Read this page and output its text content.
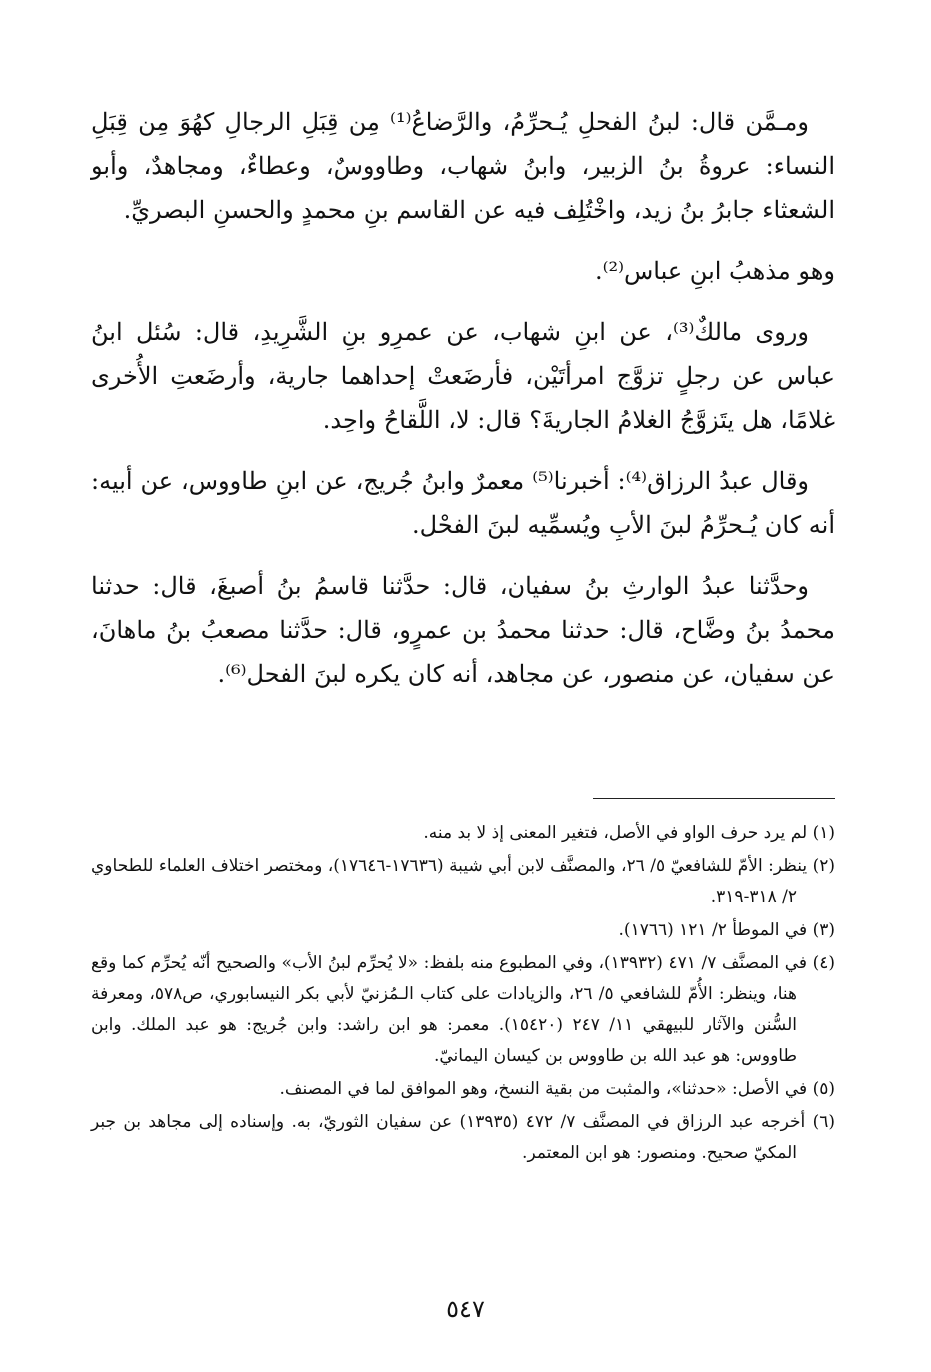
ومـمَّن قال: لبنُ الفحلِ يُـحرِّمُ، والرَّضاعُ⁽¹⁾ مِن قِبَلِ الرجالِ كهُوَ مِن قِبَلِ النساء: عروةُ بنُ الزبير، وابنُ شهاب، وطاووسٌ، وعطاءٌ، ومجاهدٌ، وأبو الشعثاء جابرُ بنُ زيد، واخْتُلِف فيه عن القاسم بنِ محمدٍ والحسنِ البصريِّ.

وهو مذهبُ ابنِ عباس⁽²⁾.

وروى مالكٌ⁽³⁾، عن ابنِ شهاب، عن عمرِو بنِ الشَّرِيدِ، قال: سُئل ابنُ عباس عن رجلٍ تزوَّج امرأتَيْن، فأرضَعتْ إحداهما جارية، وأرضَعتِ الأُخرى غلامًا، هل يتَزوَّجُ الغلامُ الجاريةَ؟ قال: لا، اللَّقاحُ واحِد.

وقال عبدُ الرزاق⁽⁴⁾: أخبرنا⁽⁵⁾ معمرٌ وابنُ جُريج، عن ابنِ طاووس، عن أبيه: أنه كان يُـحرِّمُ لبنَ الأبِ ويُسمِّيه لبنَ الفحْل.

وحدَّثنا عبدُ الوارثِ بنُ سفيان، قال: حدَّثنا قاسمُ بنُ أصبغَ، قال: حدثنا محمدُ بنُ وضَّاح، قال: حدثنا محمدُ بن عمرٍو، قال: حدَّثنا مصعبُ بنُ ماهانَ، عن سفيان، عن منصور، عن مجاهد، أنه كان يكره لبنَ الفحل⁽⁶⁾.

(١) لم يرد حرف الواو في الأصل، فتغير المعنى إذ لا بد منه.

(٢) ينظر: الأمّ للشافعيّ ٥/ ٢٦، والمصنَّف لابن أبي شيبة (١٧٦٣٦-١٧٦٤٦)، ومختصر اختلاف العلماء للطحاوي ٢/ ٣١٨-٣١٩.

(٣) في الموطأ ٢/ ١٢١ (١٧٦٦).

(٤) في المصنَّف ٧/ ٤٧١ (١٣٩٣٢)، وفي المطبوع منه بلفظ: «لا يُحرِّم لبنُ الأب» والصحيح أنّه يُحرِّم كما وقع هنا، وينظر: الأُمّ للشافعي ٥/ ٢٦، والزيادات على كتاب الـمُزنيّ لأبي بكر النيسابوري، ص٥٧٨، ومعرفة السُّنن والآثار للبيهقي ١١/ ٢٤٧ (١٥٤٢٠). معمر: هو ابن راشد: وابن جُريج: هو عبد الملك. وابن طاووس: هو عبد الله بن طاووس بن كيسان اليمانيّ.

(٥) في الأصل: «حدثنا»، والمثبت من بقية النسخ، وهو الموافق لما في المصنف.

(٦) أخرجه عبد الرزاق في المصنَّف ٧/ ٤٧٢ (١٣٩٣٥) عن سفيان الثوريّ، به. وإسناده إلى مجاهد بن جبر المكيّ صحيح. ومنصور: هو ابن المعتمر.

٥٤٧
